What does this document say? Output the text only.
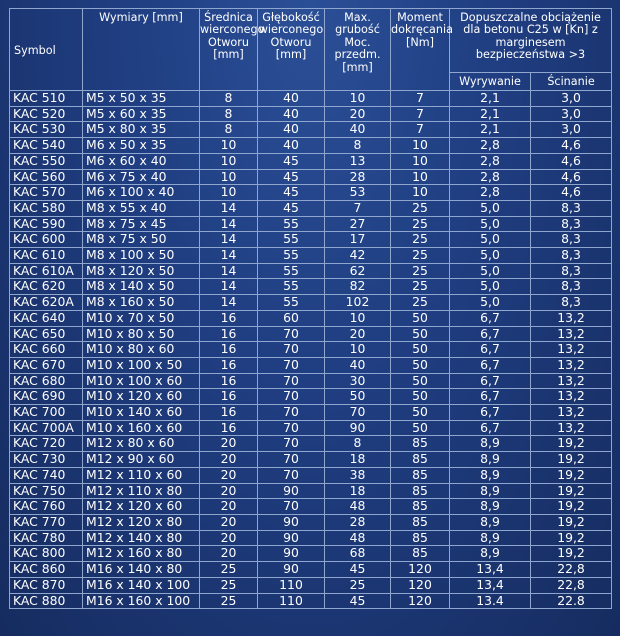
Symbol	Wymiary [mm]	Średnica wierconego Otworu [mm]	Głębokość wierconego Otworu [mm]	Max. grubość Moc. przedm. [mm]	Moment dokręcania [Nm]	Dopuszczalne obciążenie dla betonu C25 w [Kn] z marginesem bezpieczeństwa >3	
						Wyrywanie	Ścinanie
KAC 510	M5 x 50 x 35	8	40	10	7	2,1	3,0
KAC 520	M5 x 60 x 35	8	40	20	7	2,1	3,0
KAC 530	M5 x 80 x 35	8	40	40	7	2,1	3,0
KAC 540	M6 x 50 x 35	10	40	8	10	2,8	4,6
KAC 550	M6 x 60 x 40	10	45	13	10	2,8	4,6
KAC 560	M6 x 75 x 40	10	45	28	10	2,8	4,6
KAC 570	M6 x 100 x 40	10	45	53	10	2,8	4,6
KAC 580	M8 x 55 x 40	14	45	7	25	5,0	8,3
KAC 590	M8 x 75 x 45	14	55	27	25	5,0	8,3
KAC 600	M8 x 75 x 50	14	55	17	25	5,0	8,3
KAC 610	M8 x 100 x 50	14	55	42	25	5,0	8,3
KAC 610A	M8 x 120 x 50	14	55	62	25	5,0	8,3
KAC 620	M8 x 140 x 50	14	55	82	25	5,0	8,3
KAC 620A	M8 x 160 x 50	14	55	102	25	5,0	8,3
KAC 640	M10 x 70 x 50	16	60	10	50	6,7	13,2
KAC 650	M10 x 80 x 50	16	70	20	50	6,7	13,2
KAC 660	M10 x 80 x 60	16	70	10	50	6,7	13,2
KAC 670	M10 x 100 x 50	16	70	40	50	6,7	13,2
KAC 680	M10 x 100 x 60	16	70	30	50	6,7	13,2
KAC 690	M10 x 120 x 60	16	70	50	50	6,7	13,2
KAC 700	M10 x 140 x 60	16	70	70	50	6,7	13,2
KAC 700A	M10 x 160 x 60	16	70	90	50	6,7	13,2
KAC 720	M12 x 80 x 60	20	70	8	85	8,9	19,2
KAC 730	M12 x 90 x 60	20	70	18	85	8,9	19,2
KAC 740	M12 x 110 x 60	20	70	38	85	8,9	19,2
KAC 750	M12 x 110 x 80	20	90	18	85	8,9	19,2
KAC 760	M12 x 120 x 60	20	70	48	85	8,9	19,2
KAC 770	M12 x 120 x 80	20	90	28	85	8,9	19,2
KAC 780	M12 x 140 x 80	20	90	48	85	8,9	19,2
KAC 800	M12 x 160 x 80	20	90	68	85	8,9	19,2
KAC 860	M16 x 140 x 80	25	90	45	120	13,4	22,8
KAC 870	M16 x 140 x 100	25	110	25	120	13,4	22,8
KAC 880	M16 x 160 x 100	25	110	45	120	13.4	22.8
